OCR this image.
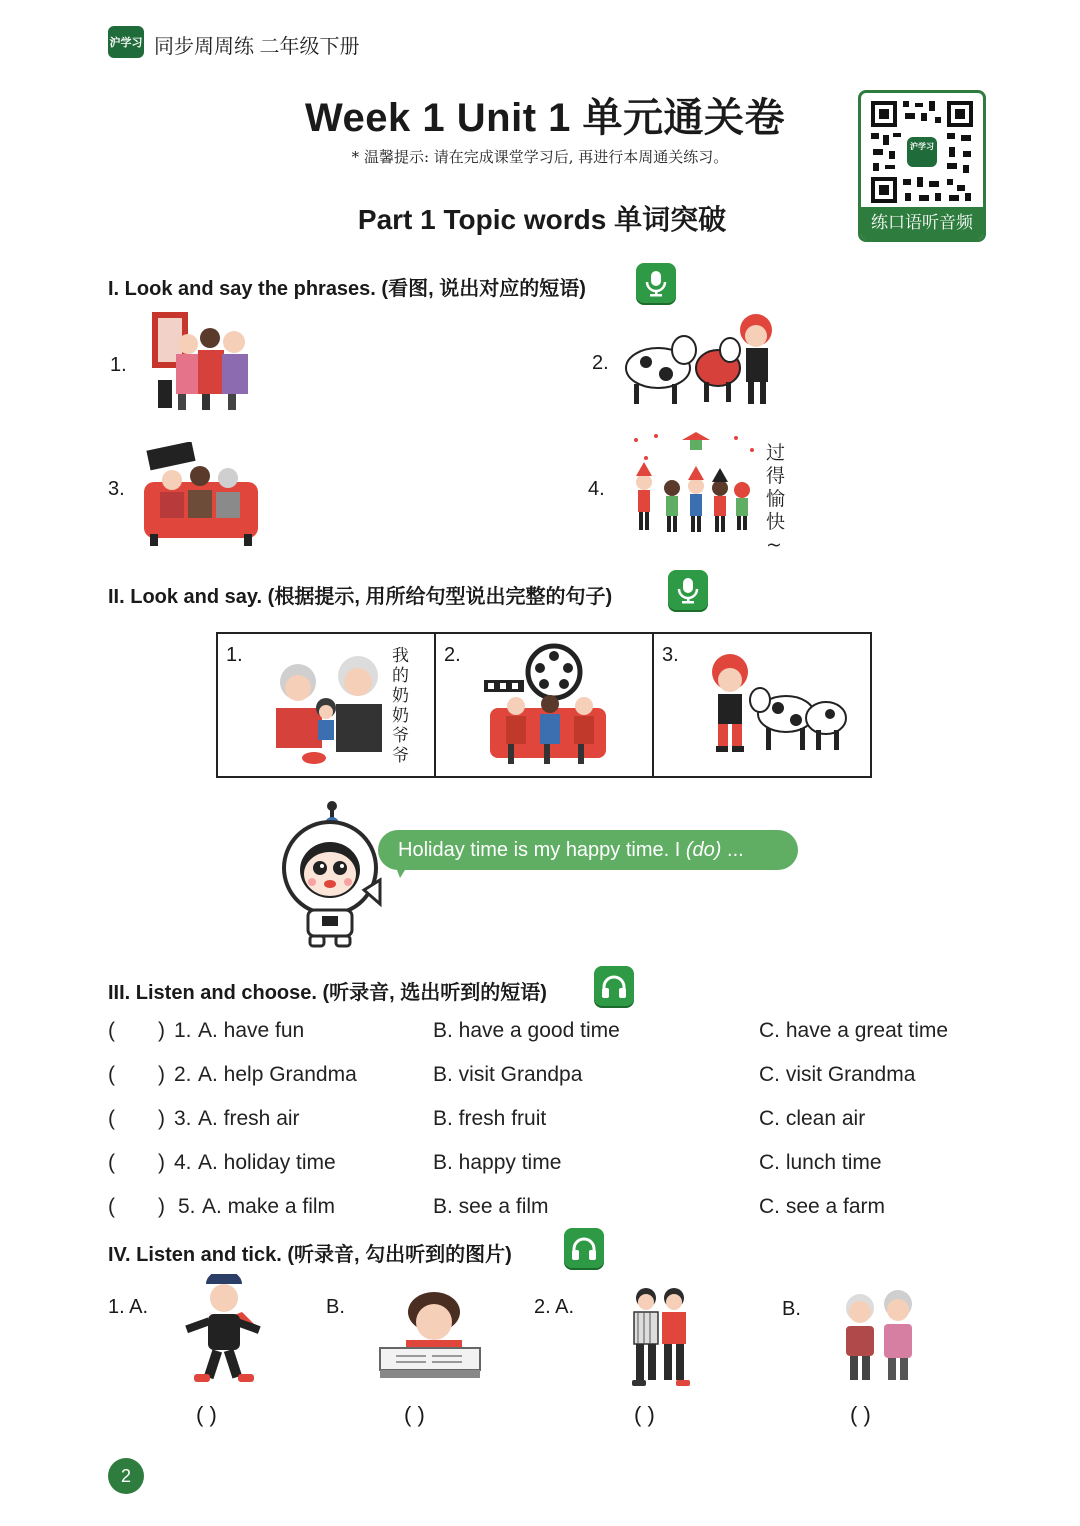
沪学习 同步周周练 二年级下册
Week 1 Unit 1 单元通关卷
* 温馨提示: 请在完成课堂学习后, 再进行本周通关练习。
Part 1 Topic words 单词突破
沪学习
练口语听音频
I. Look and say the phrases. (看图, 说出对应的短语)
1.	2.
3.	4.
过得愉快~
II. Look and say. (根据提示, 用所给句型说出完整的句子)
1.	我的奶奶爷爷
2.	3.
Holiday time is my happy time. I (do) ...
III. Listen and choose. (听录音, 选出听到的短语)
( ) 1. A. have fun	B. have a good time	C. have a great time
( ) 2. A. help Grandma	B. visit Grandpa	C. visit Grandma
( ) 3. A. fresh air	B. fresh fruit	C. clean air
( ) 4. A. holiday time	B. happy time	C. lunch time
( ) 5. A. make a film	B. see a film	C. see a farm
IV. Listen and tick. (听录音, 勾出听到的图片)
1. A.
( )
B.
( )
2. A.
( )
B.
( )
2
